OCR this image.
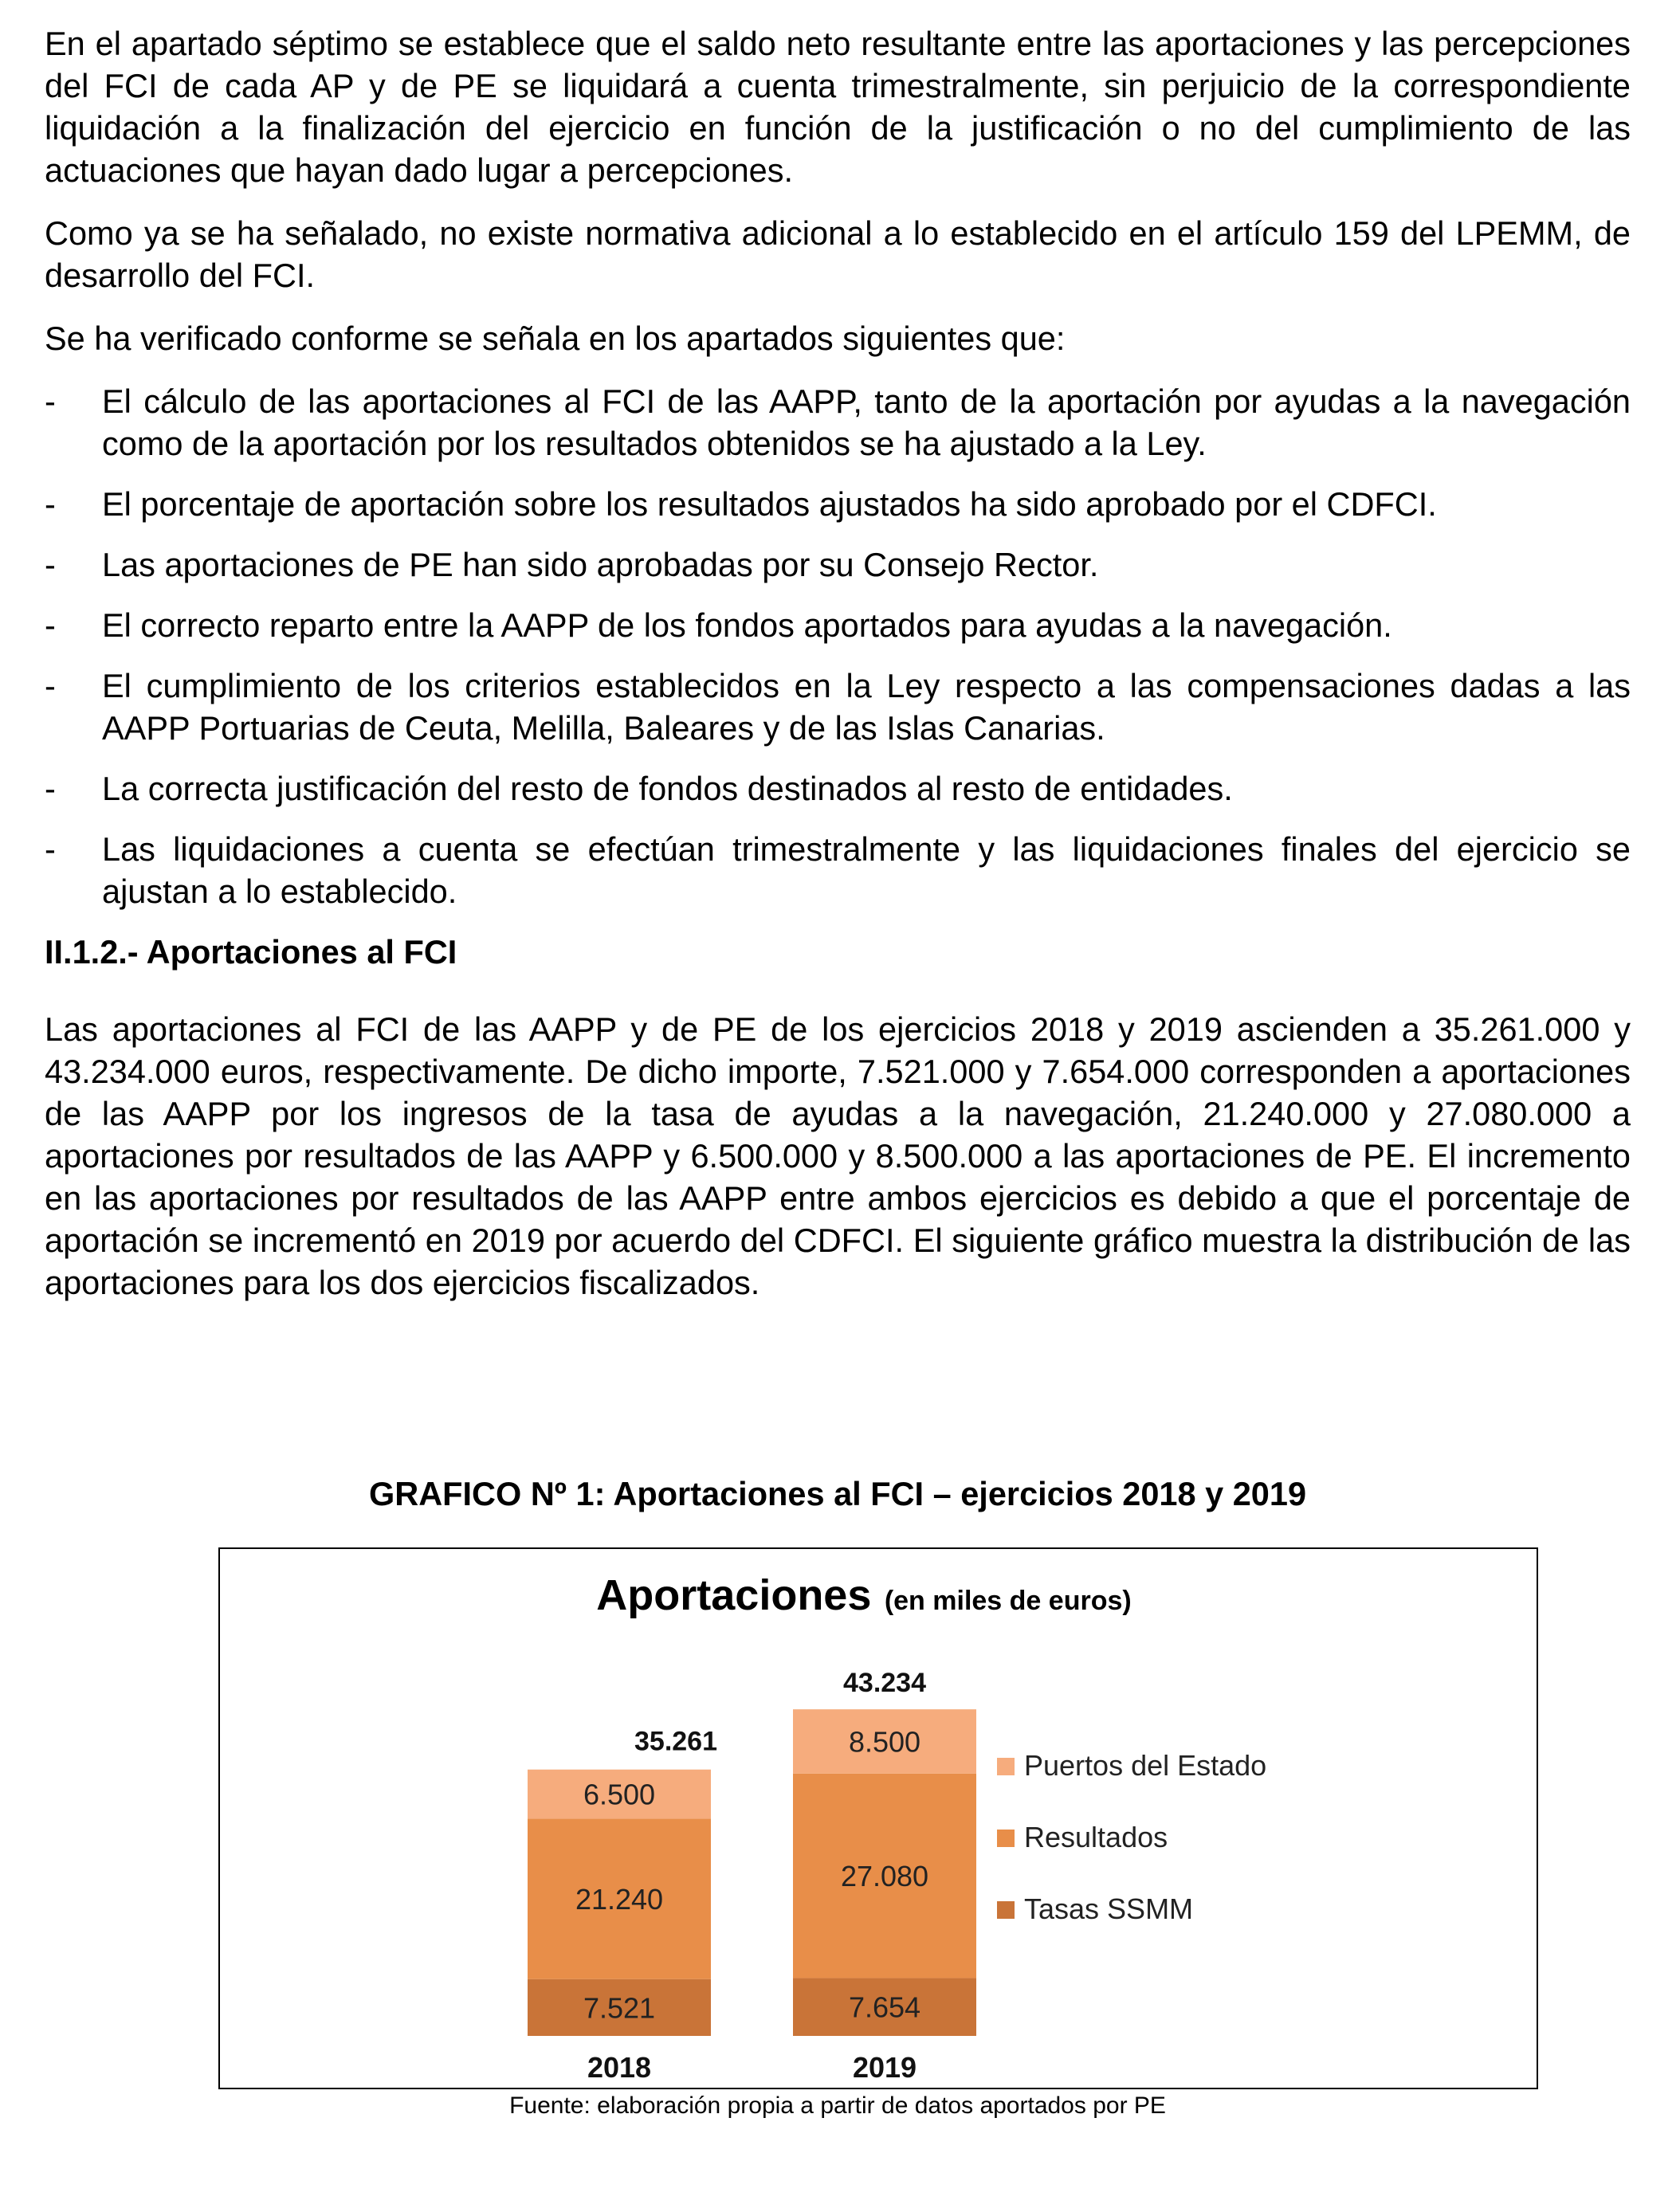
En el apartado séptimo se establece que el saldo neto resultante entre las aportaciones y las percepciones del FCI de cada AP y de PE se liquidará a cuenta trimestralmente, sin perjuicio de la correspondiente liquidación a la finalización del ejercicio en función de la justificación o no del cumplimiento de las actuaciones que hayan dado lugar a percepciones.

Como ya se ha señalado, no existe normativa adicional a lo establecido en el artículo 159 del LPEMM, de desarrollo del FCI.

Se ha verificado conforme se señala en los apartados siguientes que:

- El cálculo de las aportaciones al FCI de las AAPP, tanto de la aportación por ayudas a la navegación como de la aportación por los resultados obtenidos se ha ajustado a la Ley.
- El porcentaje de aportación sobre los resultados ajustados ha sido aprobado por el CDFCI.
- Las aportaciones de PE han sido aprobadas por su Consejo Rector.
- El correcto reparto entre la AAPP de los fondos aportados para ayudas a la navegación.
- El cumplimiento de los criterios establecidos en la Ley respecto a las compensaciones dadas a las AAPP Portuarias de Ceuta, Melilla, Baleares y de las Islas Canarias.
- La correcta justificación del resto de fondos destinados al resto de entidades.
- Las liquidaciones a cuenta se efectúan trimestralmente y las liquidaciones finales del ejercicio se ajustan a lo establecido.
II.1.2.- Aportaciones al FCI

Las aportaciones al FCI de las AAPP y de PE de los ejercicios 2018 y 2019 ascienden a 35.261.000 y 43.234.000 euros, respectivamente. De dicho importe, 7.521.000 y 7.654.000 corresponden a aportaciones de las AAPP por los ingresos de la tasa de ayudas a la navegación, 21.240.000 y 27.080.000 a aportaciones por resultados de las AAPP y 6.500.000 y 8.500.000 a las aportaciones de PE. El incremento en las aportaciones por resultados de las AAPP entre ambos ejercicios es debido a que el porcentaje de aportación se incrementó en 2019 por acuerdo del CDFCI. El siguiente gráfico muestra la distribución de las aportaciones para los dos ejercicios fiscalizados.

GRAFICO Nº 1: Aportaciones al FCI – ejercicios 2018 y 2019
Aportaciones (en miles de euros)
7.521
21.240
6.500
35.261
2018
7.654
27.080
8.500
43.234
2019
Puertos del Estado
Resultados
Tasas SSMM
Fuente: elaboración propia a partir de datos aportados por PE
